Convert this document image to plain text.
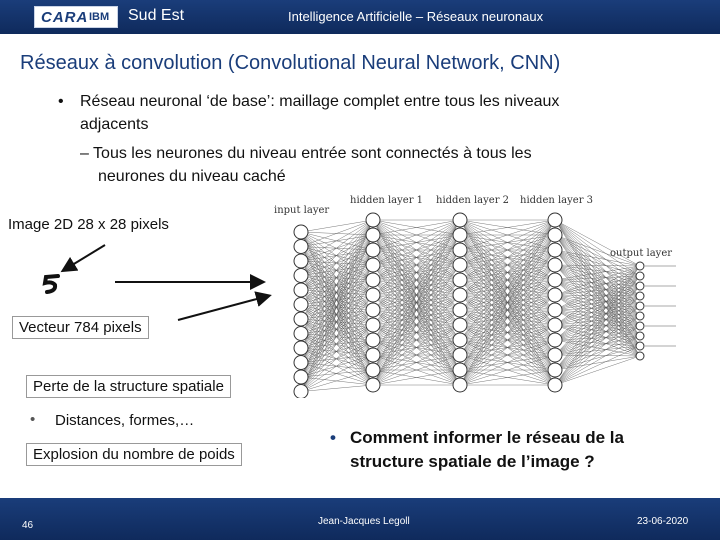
CARA IBM Sud Est	Intelligence Artificielle – Réseaux neuronaux
Réseaux à convolution (Convolutional Neural Network, CNN)
• Réseau neuronal ‘de base’: maillage complet entre tous les niveaux
adjacents
– Tous les neurones du niveau entrée sont connectés à tous les
neurones du niveau caché
Image 2D 28 x 28 pixels
Vecteur 784 pixels
input layer
hidden layer 1 hidden layer 2 hidden layer 3
output layer
Perte de la structure spatiale
•	Distances, formes,…
Explosion du nombre de poids
• Comment informer le réseau de la
structure spatiale de l’image ?
46	Jean-Jacques Legoll	23-06-2020
